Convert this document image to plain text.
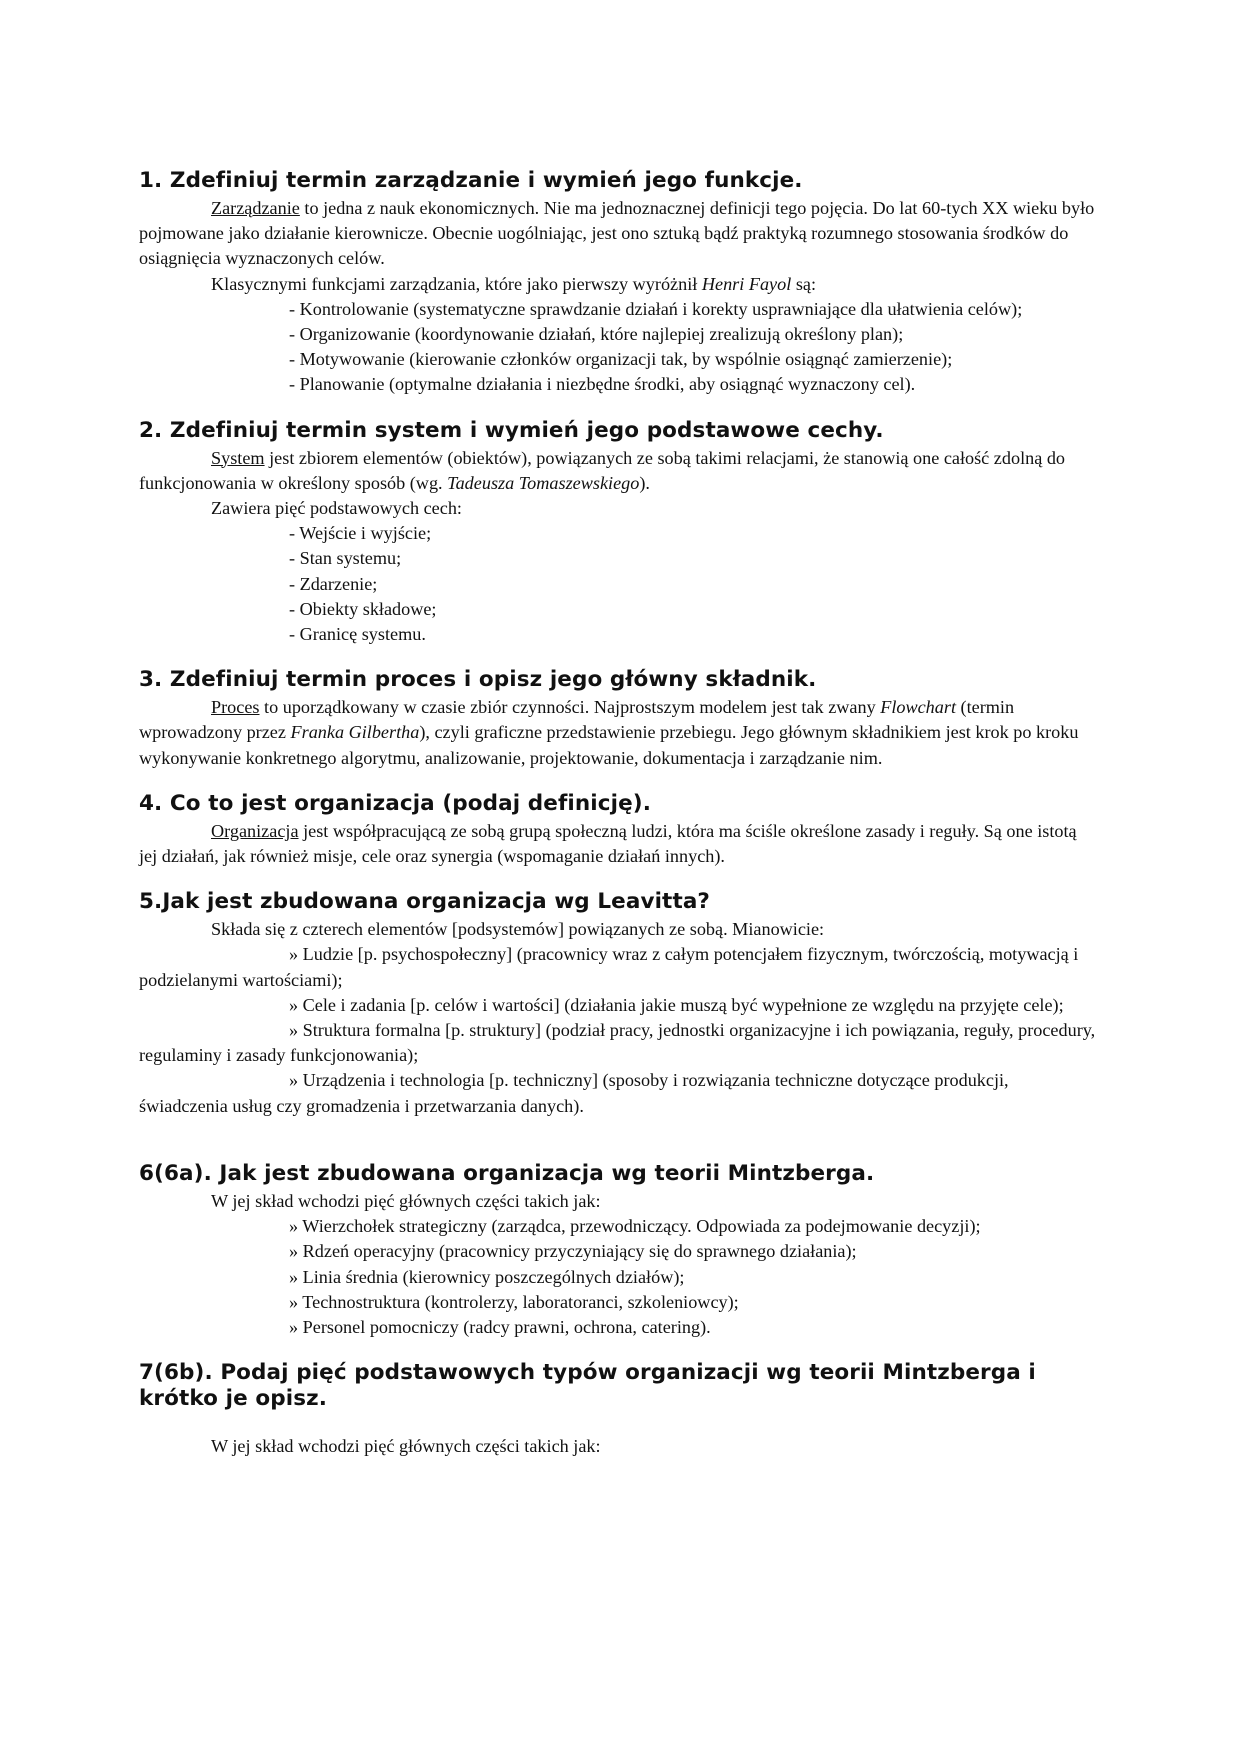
1. Zdefiniuj termin zarządzanie i wymień jego funkcje.

Zarządzanie to jedna z nauk ekonomicznych. Nie ma jednoznacznej definicji tego pojęcia. Do lat 60-tych XX wieku było pojmowane jako działanie kierownicze. Obecnie uogólniając, jest ono sztuką bądź praktyką rozumnego stosowania środków do osiągnięcia wyznaczonych celów.

Klasycznymi funkcjami zarządzania, które jako pierwszy wyróżnił Henri Fayol są:

- Kontrolowanie (systematyczne sprawdzanie działań i korekty usprawniające dla ułatwienia celów);

- Organizowanie (koordynowanie działań, które najlepiej zrealizują określony plan);

- Motywowanie (kierowanie członków organizacji tak, by wspólnie osiągnąć zamierzenie);

- Planowanie (optymalne działania i niezbędne środki, aby osiągnąć wyznaczony cel).

2. Zdefiniuj termin system i wymień jego podstawowe cechy.

System jest zbiorem elementów (obiektów), powiązanych ze sobą takimi relacjami, że stanowią one całość zdolną do funkcjonowania w określony sposób (wg. Tadeusza Tomaszewskiego).

Zawiera pięć podstawowych cech:

- Wejście i wyjście;

- Stan systemu;

- Zdarzenie;

- Obiekty składowe;

- Granicę systemu.

3. Zdefiniuj termin proces i opisz jego główny składnik.

Proces to uporządkowany w czasie zbiór czynności. Najprostszym modelem jest tak zwany Flowchart (termin wprowadzony przez Franka Gilbertha), czyli graficzne przedstawienie przebiegu. Jego głównym składnikiem jest krok po kroku wykonywanie konkretnego algorytmu, analizowanie, projektowanie, dokumentacja i zarządzanie nim.

4. Co to jest organizacja (podaj definicję).

Organizacja jest współpracującą ze sobą grupą społeczną ludzi, która ma ściśle określone zasady i reguły. Są one istotą jej działań, jak również misje, cele oraz synergia (wspomaganie działań innych).

5.Jak jest zbudowana organizacja wg Leavitta?

Składa się z czterech elementów [podsystemów] powiązanych ze sobą. Mianowicie:

» Ludzie [p. psychospołeczny] (pracownicy wraz z całym potencjałem fizycznym, twórczością, motywacją i podzielanymi wartościami);

» Cele i zadania [p. celów i wartości] (działania jakie muszą być wypełnione ze względu na przyjęte cele);

» Struktura formalna [p. struktury] (podział pracy, jednostki organizacyjne i ich powiązania, reguły, procedury, regulaminy i zasady funkcjonowania);

» Urządzenia i technologia [p. techniczny] (sposoby i rozwiązania techniczne dotyczące produkcji, świadczenia usług czy gromadzenia i przetwarzania danych).

6(6a). Jak jest zbudowana organizacja wg teorii Mintzberga.

W jej skład wchodzi pięć głównych części takich jak:

» Wierzchołek strategiczny (zarządca, przewodniczący. Odpowiada za podejmowanie decyzji);

» Rdzeń operacyjny (pracownicy przyczyniający się do sprawnego działania);

» Linia średnia (kierownicy poszczególnych działów);

» Technostruktura (kontrolerzy, laboratoranci, szkoleniowcy);

» Personel pomocniczy (radcy prawni, ochrona, catering).

7(6b). Podaj pięć podstawowych typów organizacji wg teorii Mintzberga i krótko je opisz.

W jej skład wchodzi pięć głównych części takich jak:
